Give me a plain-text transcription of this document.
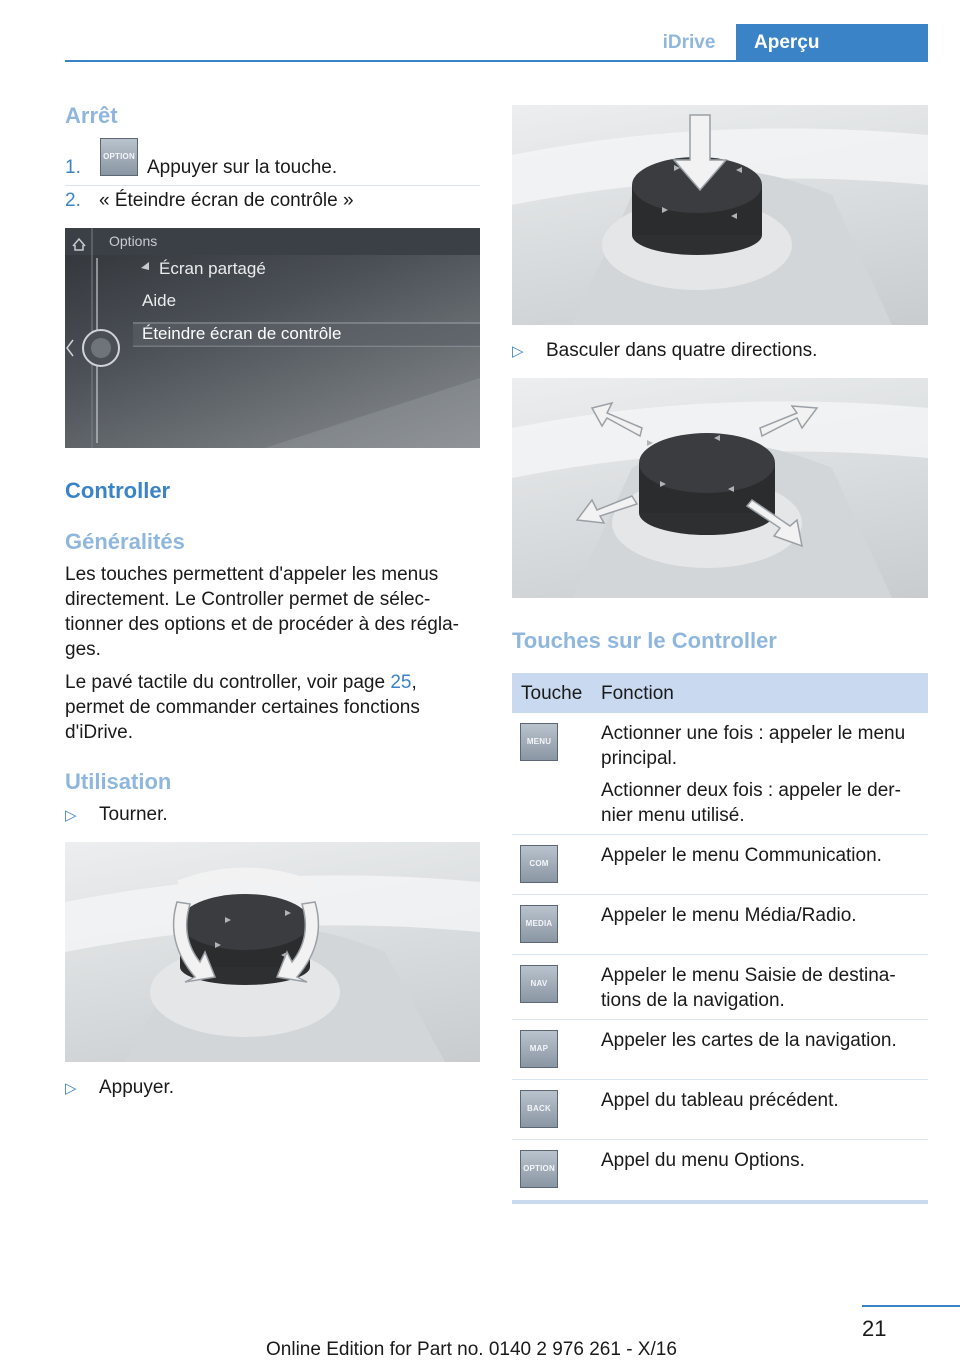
iDrive	Aperçu
Arrêt
1.
OPTION
Appuyer sur la touche.
2. « Éteindre écran de contrôle »
Options
Écran partagé
Aide
Éteindre écran de contrôle
Controller
Généralités
Les touches permettent d'appeler les menus directement. Le Controller permet de sélec- tionner des options et de procéder à des régla- ges.
Le pavé tactile du controller, voir page 25, permet de commander certaines fonctions d'iDrive.
Utilisation
▷ Tourner.
▷ Appuyer.
▷ Basculer dans quatre directions.
Touches sur le Controller
Touche Fonction
MENU	Actionner une fois : appeler le menu
principal.
Actionner deux fois : appeler le der-
nier menu utilisé.
COM	Appeler le menu Communication.
MEDIA	Appeler le menu Média/Radio.
NAV	Appeler le menu Saisie de destina-
tions de la navigation.
MAP	Appeler les cartes de la navigation.
BACK	Appel du tableau précédent.
OPTION Appel du menu Options.
21
Online Edition for Part no. 0140 2 976 261 - X/16
